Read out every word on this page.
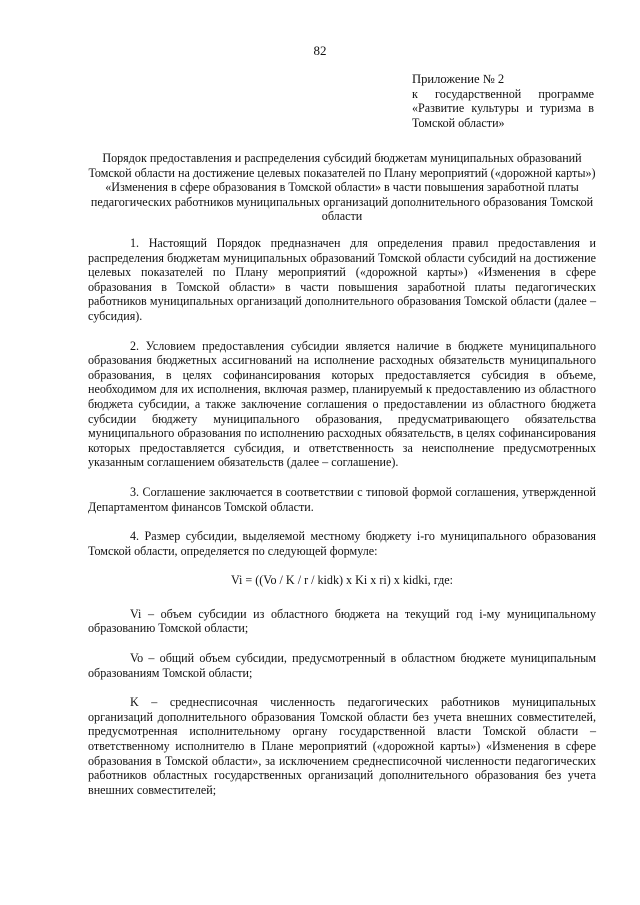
82
Приложение № 2
к государственной программе «Развитие культуры и туризма в Томской области»
Порядок предоставления и распределения субсидий бюджетам муниципальных образований Томской области на достижение целевых показателей по Плану мероприятий («дорожной карты») «Изменения в сфере образования в Томской области» в части повышения заработной платы педагогических работников муниципальных организаций дополнительного образования Томской области

1. Настоящий Порядок предназначен для определения правил предоставления и распределения бюджетам муниципальных образований Томской области субсидий на достижение целевых показателей по Плану мероприятий («дорожной карты») «Изменения в сфере образования в Томской области» в части повышения заработной платы педагогических работников муниципальных организаций дополнительного образования Томской области (далее – субсидия).

2. Условием предоставления субсидии является наличие в бюджете муниципального образования бюджетных ассигнований на исполнение расходных обязательств муниципального образования, в целях софинансирования которых предоставляется субсидия в объеме, необходимом для их исполнения, включая размер, планируемый к предоставлению из областного бюджета субсидии, а также заключение соглашения о предоставлении из областного бюджета субсидии бюджету муниципального образования, предусматривающего обязательства муниципального образования по исполнению расходных обязательств, в целях софинансирования которых предоставляется субсидия, и ответственность за неисполнение предусмотренных указанным соглашением обязательств (далее – соглашение).

3. Соглашение заключается в соответствии с типовой формой соглашения, утвержденной Департаментом финансов Томской области.

4. Размер субсидии, выделяемой местному бюджету i-го муниципального образования Томской области, определяется по следующей формуле:

Vi = ((Vo / K / r / kidk) x Ki x ri) x kidki, где:

Vi – объем субсидии из областного бюджета на текущий год i-му муниципальному образованию Томской области;

Vo – общий объем субсидии, предусмотренный в областном бюджете муниципальным образованиям Томской области;

K – среднесписочная численность педагогических работников муниципальных организаций дополнительного образования Томской области без учета внешних совместителей, предусмотренная исполнительному органу государственной власти Томской области – ответственному исполнителю в Плане мероприятий («дорожной карты») «Изменения в сфере образования в Томской области», за исключением среднесписочной численности педагогических работников областных государственных организаций дополнительного образования без учета внешних совместителей;
